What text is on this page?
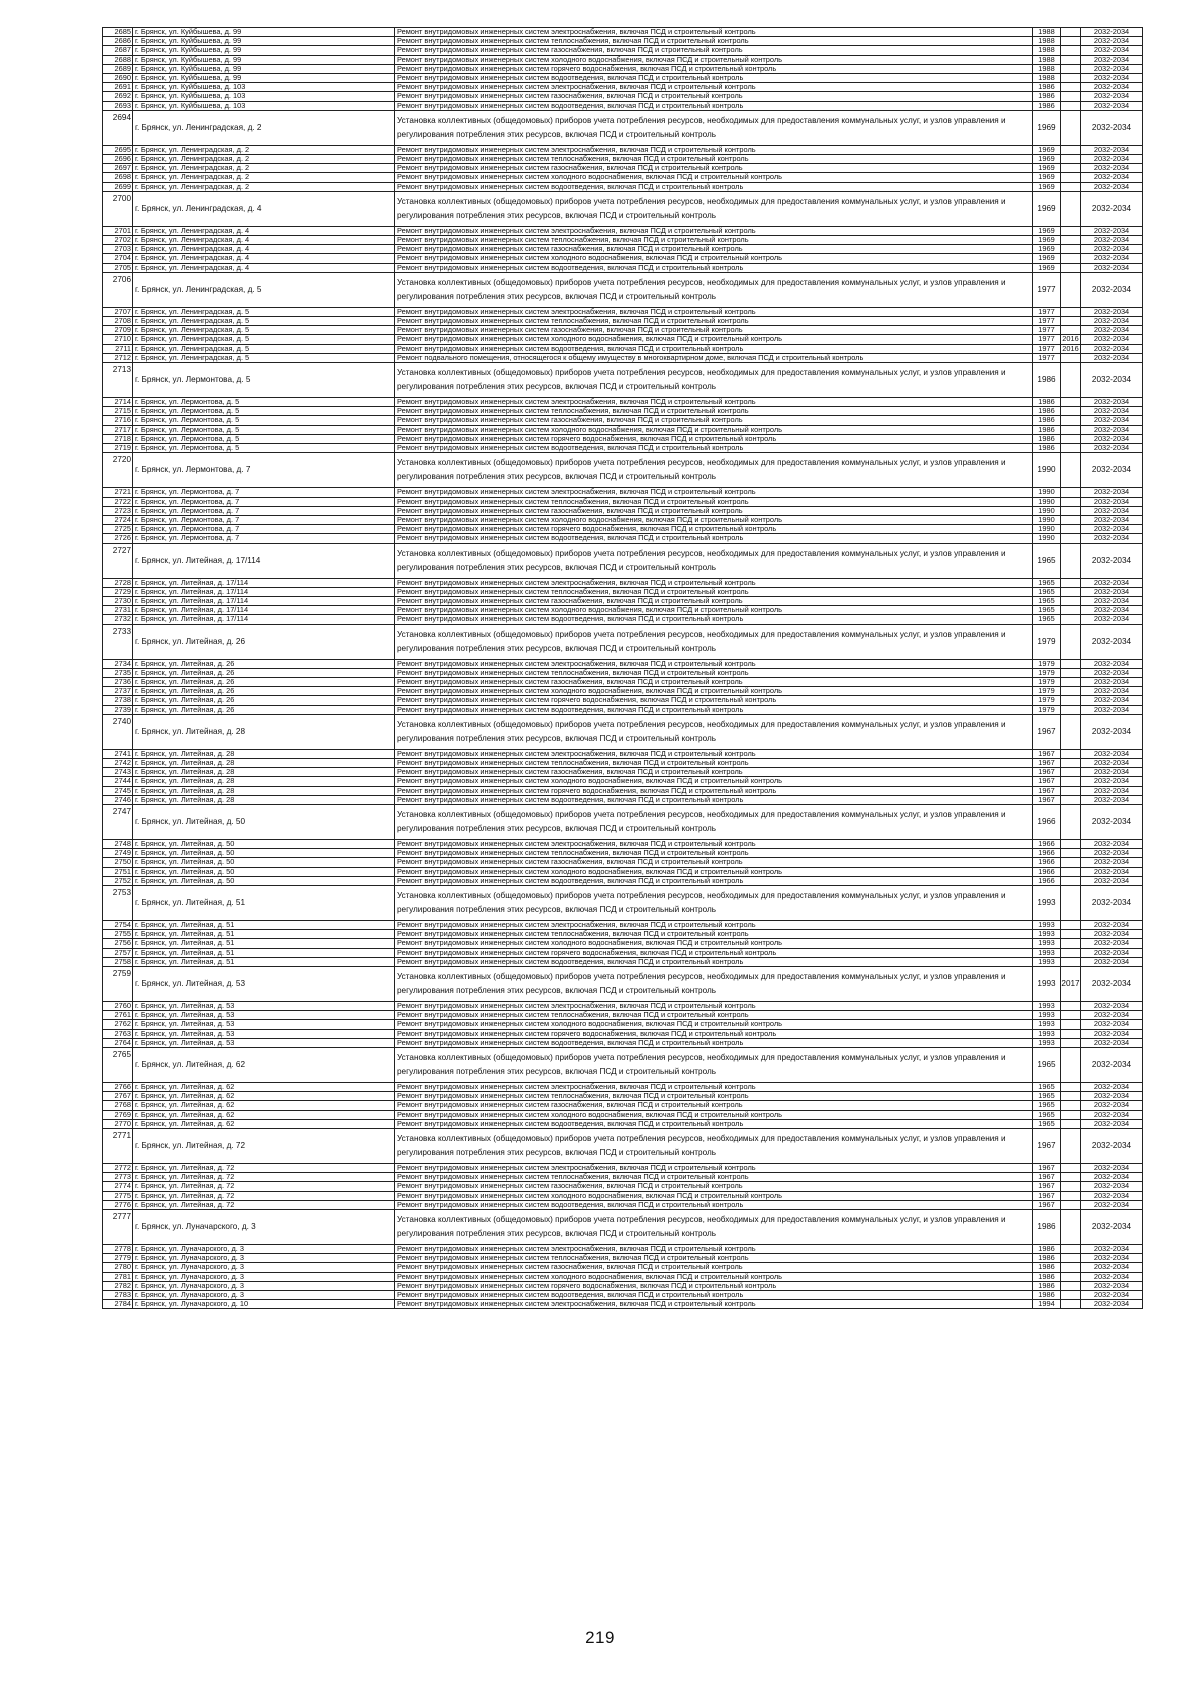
2685	г. Брянск, ул. Куйбышева, д. 99	Ремонт внутридомовых инженерных систем электроснабжения, включая ПСД и строительный контроль	1988		2032-2034
2686	г. Брянск, ул. Куйбышева, д. 99	Ремонт внутридомовых инженерных систем теплоснабжения, включая ПСД и строительный контроль	1988		2032-2034
2687	г. Брянск, ул. Куйбышева, д. 99	Ремонт внутридомовых инженерных систем газоснабжения, включая ПСД и строительный контроль	1988		2032-2034
2688	г. Брянск, ул. Куйбышева, д. 99	Ремонт внутридомовых инженерных систем холодного водоснабжения, включая ПСД и строительный контроль	1988		2032-2034
2689	г. Брянск, ул. Куйбышева, д. 99	Ремонт внутридомовых инженерных систем горячего водоснабжения, включая ПСД и строительный контроль	1988		2032-2034
2690	г. Брянск, ул. Куйбышева, д. 99	Ремонт внутридомовых инженерных систем водоотведения, включая ПСД и строительный контроль	1988		2032-2034
2691	г. Брянск, ул. Куйбышева, д. 103	Ремонт внутридомовых инженерных систем электроснабжения, включая ПСД и строительный контроль	1986		2032-2034
2692	г. Брянск, ул. Куйбышева, д. 103	Ремонт внутридомовых инженерных систем газоснабжения, включая ПСД и строительный контроль	1986		2032-2034
2693	г. Брянск, ул. Куйбышева, д. 103	Ремонт внутридомовых инженерных систем водоотведения, включая ПСД и строительный контроль	1986		2032-2034
2694	г. Брянск, ул. Ленинградская, д. 2	Установка коллективных (общедомовых) приборов учета потребления ресурсов, необходимых для предоставления коммунальных услуг, и узлов управления и регулирования потребления этих ресурсов, включая ПСД и строительный контроль	1969		2032-2034
2695	г. Брянск, ул. Ленинградская, д. 2	Ремонт внутридомовых инженерных систем электроснабжения, включая ПСД и строительный контроль	1969		2032-2034
2696	г. Брянск, ул. Ленинградская, д. 2	Ремонт внутридомовых инженерных систем теплоснабжения, включая ПСД и строительный контроль	1969		2032-2034
2697	г. Брянск, ул. Ленинградская, д. 2	Ремонт внутридомовых инженерных систем газоснабжения, включая ПСД и строительный контроль	1969		2032-2034
2698	г. Брянск, ул. Ленинградская, д. 2	Ремонт внутридомовых инженерных систем холодного водоснабжения, включая ПСД и строительный контроль	1969		2032-2034
2699	г. Брянск, ул. Ленинградская, д. 2	Ремонт внутридомовых инженерных систем водоотведения, включая ПСД и строительный контроль	1969		2032-2034
2700	г. Брянск, ул. Ленинградская, д. 4	Установка коллективных (общедомовых) приборов учета потребления ресурсов, необходимых для предоставления коммунальных услуг, и узлов управления и регулирования потребления этих ресурсов, включая ПСД и строительный контроль	1969		2032-2034
2701	г. Брянск, ул. Ленинградская, д. 4	Ремонт внутридомовых инженерных систем электроснабжения, включая ПСД и строительный контроль	1969		2032-2034
2702	г. Брянск, ул. Ленинградская, д. 4	Ремонт внутридомовых инженерных систем теплоснабжения, включая ПСД и строительный контроль	1969		2032-2034
2703	г. Брянск, ул. Ленинградская, д. 4	Ремонт внутридомовых инженерных систем газоснабжения, включая ПСД и строительный контроль	1969		2032-2034
2704	г. Брянск, ул. Ленинградская, д. 4	Ремонт внутридомовых инженерных систем холодного водоснабжения, включая ПСД и строительный контроль	1969		2032-2034
2705	г. Брянск, ул. Ленинградская, д. 4	Ремонт внутридомовых инженерных систем водоотведения, включая ПСД и строительный контроль	1969		2032-2034
2706	г. Брянск, ул. Ленинградская, д. 5	Установка коллективных (общедомовых) приборов учета потребления ресурсов, необходимых для предоставления коммунальных услуг, и узлов управления и регулирования потребления этих ресурсов, включая ПСД и строительный контроль	1977		2032-2034
2707	г. Брянск, ул. Ленинградская, д. 5	Ремонт внутридомовых инженерных систем электроснабжения, включая ПСД и строительный контроль	1977		2032-2034
2708	г. Брянск, ул. Ленинградская, д. 5	Ремонт внутридомовых инженерных систем теплоснабжения, включая ПСД и строительный контроль	1977		2032-2034
2709	г. Брянск, ул. Ленинградская, д. 5	Ремонт внутридомовых инженерных систем газоснабжения, включая ПСД и строительный контроль	1977		2032-2034
2710	г. Брянск, ул. Ленинградская, д. 5	Ремонт внутридомовых инженерных систем холодного водоснабжения, включая ПСД и строительный контроль	1977	2016	2032-2034
2711	г. Брянск, ул. Ленинградская, д. 5	Ремонт внутридомовых инженерных систем водоотведения, включая ПСД и строительный контроль	1977	2016	2032-2034
2712	г. Брянск, ул. Ленинградская, д. 5	Ремонт подвального помещения, относящегося к общему имуществу в многоквартирном доме, включая ПСД и строительный контроль	1977		2032-2034
2713	г. Брянск, ул. Лермонтова, д. 5	Установка коллективных (общедомовых) приборов учета потребления ресурсов, необходимых для предоставления коммунальных услуг, и узлов управления и регулирования потребления этих ресурсов, включая ПСД и строительный контроль	1986		2032-2034
2714	г. Брянск, ул. Лермонтова, д. 5	Ремонт внутридомовых инженерных систем электроснабжения, включая ПСД и строительный контроль	1986		2032-2034
2715	г. Брянск, ул. Лермонтова, д. 5	Ремонт внутридомовых инженерных систем теплоснабжения, включая ПСД и строительный контроль	1986		2032-2034
2716	г. Брянск, ул. Лермонтова, д. 5	Ремонт внутридомовых инженерных систем газоснабжения, включая ПСД и строительный контроль	1986		2032-2034
2717	г. Брянск, ул. Лермонтова, д. 5	Ремонт внутридомовых инженерных систем холодного водоснабжения, включая ПСД и строительный контроль	1986		2032-2034
2718	г. Брянск, ул. Лермонтова, д. 5	Ремонт внутридомовых инженерных систем горячего водоснабжения, включая ПСД и строительный контроль	1986		2032-2034
2719	г. Брянск, ул. Лермонтова, д. 5	Ремонт внутридомовых инженерных систем водоотведения, включая ПСД и строительный контроль	1986		2032-2034
2720	г. Брянск, ул. Лермонтова, д. 7	Установка коллективных (общедомовых) приборов учета потребления ресурсов, необходимых для предоставления коммунальных услуг, и узлов управления и регулирования потребления этих ресурсов, включая ПСД и строительный контроль	1990		2032-2034
2721	г. Брянск, ул. Лермонтова, д. 7	Ремонт внутридомовых инженерных систем электроснабжения, включая ПСД и строительный контроль	1990		2032-2034
2722	г. Брянск, ул. Лермонтова, д. 7	Ремонт внутридомовых инженерных систем теплоснабжения, включая ПСД и строительный контроль	1990		2032-2034
2723	г. Брянск, ул. Лермонтова, д. 7	Ремонт внутридомовых инженерных систем газоснабжения, включая ПСД и строительный контроль	1990		2032-2034
2724	г. Брянск, ул. Лермонтова, д. 7	Ремонт внутридомовых инженерных систем холодного водоснабжения, включая ПСД и строительный контроль	1990		2032-2034
2725	г. Брянск, ул. Лермонтова, д. 7	Ремонт внутридомовых инженерных систем горячего водоснабжения, включая ПСД и строительный контроль	1990		2032-2034
2726	г. Брянск, ул. Лермонтова, д. 7	Ремонт внутридомовых инженерных систем водоотведения, включая ПСД и строительный контроль	1990		2032-2034
2727	г. Брянск, ул. Литейная, д. 17/114	Установка коллективных (общедомовых) приборов учета потребления ресурсов, необходимых для предоставления коммунальных услуг, и узлов управления и регулирования потребления этих ресурсов, включая ПСД и строительный контроль	1965		2032-2034
2728	г. Брянск, ул. Литейная, д. 17/114	Ремонт внутридомовых инженерных систем электроснабжения, включая ПСД и строительный контроль	1965		2032-2034
2729	г. Брянск, ул. Литейная, д. 17/114	Ремонт внутридомовых инженерных систем теплоснабжения, включая ПСД и строительный контроль	1965		2032-2034
2730	г. Брянск, ул. Литейная, д. 17/114	Ремонт внутридомовых инженерных систем газоснабжения, включая ПСД и строительный контроль	1965		2032-2034
2731	г. Брянск, ул. Литейная, д. 17/114	Ремонт внутридомовых инженерных систем холодного водоснабжения, включая ПСД и строительный контроль	1965		2032-2034
2732	г. Брянск, ул. Литейная, д. 17/114	Ремонт внутридомовых инженерных систем водоотведения, включая ПСД и строительный контроль	1965		2032-2034
2733	г. Брянск, ул. Литейная, д. 26	Установка коллективных (общедомовых) приборов учета потребления ресурсов, необходимых для предоставления коммунальных услуг, и узлов управления и регулирования потребления этих ресурсов, включая ПСД и строительный контроль	1979		2032-2034
2734	г. Брянск, ул. Литейная, д. 26	Ремонт внутридомовых инженерных систем электроснабжения, включая ПСД и строительный контроль	1979		2032-2034
2735	г. Брянск, ул. Литейная, д. 26	Ремонт внутридомовых инженерных систем теплоснабжения, включая ПСД и строительный контроль	1979		2032-2034
2736	г. Брянск, ул. Литейная, д. 26	Ремонт внутридомовых инженерных систем газоснабжения, включая ПСД и строительный контроль	1979		2032-2034
2737	г. Брянск, ул. Литейная, д. 26	Ремонт внутридомовых инженерных систем холодного водоснабжения, включая ПСД и строительный контроль	1979		2032-2034
2738	г. Брянск, ул. Литейная, д. 26	Ремонт внутридомовых инженерных систем горячего водоснабжения, включая ПСД и строительный контроль	1979		2032-2034
2739	г. Брянск, ул. Литейная, д. 26	Ремонт внутридомовых инженерных систем водоотведения, включая ПСД и строительный контроль	1979		2032-2034
2740	г. Брянск, ул. Литейная, д. 28	Установка коллективных (общедомовых) приборов учета потребления ресурсов, необходимых для предоставления коммунальных услуг, и узлов управления и регулирования потребления этих ресурсов, включая ПСД и строительный контроль	1967		2032-2034
2741	г. Брянск, ул. Литейная, д. 28	Ремонт внутридомовых инженерных систем электроснабжения, включая ПСД и строительный контроль	1967		2032-2034
2742	г. Брянск, ул. Литейная, д. 28	Ремонт внутридомовых инженерных систем теплоснабжения, включая ПСД и строительный контроль	1967		2032-2034
2743	г. Брянск, ул. Литейная, д. 28	Ремонт внутридомовых инженерных систем газоснабжения, включая ПСД и строительный контроль	1967		2032-2034
2744	г. Брянск, ул. Литейная, д. 28	Ремонт внутридомовых инженерных систем холодного водоснабжения, включая ПСД и строительный контроль	1967		2032-2034
2745	г. Брянск, ул. Литейная, д. 28	Ремонт внутридомовых инженерных систем горячего водоснабжения, включая ПСД и строительный контроль	1967		2032-2034
2746	г. Брянск, ул. Литейная, д. 28	Ремонт внутридомовых инженерных систем водоотведения, включая ПСД и строительный контроль	1967		2032-2034
2747	г. Брянск, ул. Литейная, д. 50	Установка коллективных (общедомовых) приборов учета потребления ресурсов, необходимых для предоставления коммунальных услуг, и узлов управления и регулирования потребления этих ресурсов, включая ПСД и строительный контроль	1966		2032-2034
2748	г. Брянск, ул. Литейная, д. 50	Ремонт внутридомовых инженерных систем электроснабжения, включая ПСД и строительный контроль	1966		2032-2034
2749	г. Брянск, ул. Литейная, д. 50	Ремонт внутридомовых инженерных систем теплоснабжения, включая ПСД и строительный контроль	1966		2032-2034
2750	г. Брянск, ул. Литейная, д. 50	Ремонт внутридомовых инженерных систем газоснабжения, включая ПСД и строительный контроль	1966		2032-2034
2751	г. Брянск, ул. Литейная, д. 50	Ремонт внутридомовых инженерных систем холодного водоснабжения, включая ПСД и строительный контроль	1966		2032-2034
2752	г. Брянск, ул. Литейная, д. 50	Ремонт внутридомовых инженерных систем водоотведения, включая ПСД и строительный контроль	1966		2032-2034
2753	г. Брянск, ул. Литейная, д. 51	Установка коллективных (общедомовых) приборов учета потребления ресурсов, необходимых для предоставления коммунальных услуг, и узлов управления и регулирования потребления этих ресурсов, включая ПСД и строительный контроль	1993		2032-2034
2754	г. Брянск, ул. Литейная, д. 51	Ремонт внутридомовых инженерных систем электроснабжения, включая ПСД и строительный контроль	1993		2032-2034
2755	г. Брянск, ул. Литейная, д. 51	Ремонт внутридомовых инженерных систем теплоснабжения, включая ПСД и строительный контроль	1993		2032-2034
2756	г. Брянск, ул. Литейная, д. 51	Ремонт внутридомовых инженерных систем холодного водоснабжения, включая ПСД и строительный контроль	1993		2032-2034
2757	г. Брянск, ул. Литейная, д. 51	Ремонт внутридомовых инженерных систем горячего водоснабжения, включая ПСД и строительный контроль	1993		2032-2034
2758	г. Брянск, ул. Литейная, д. 51	Ремонт внутридомовых инженерных систем водоотведения, включая ПСД и строительный контроль	1993		2032-2034
2759	г. Брянск, ул. Литейная, д. 53	Установка коллективных (общедомовых) приборов учета потребления ресурсов, необходимых для предоставления коммунальных услуг, и узлов управления и регулирования потребления этих ресурсов, включая ПСД и строительный контроль	1993	2017	2032-2034
2760	г. Брянск, ул. Литейная, д. 53	Ремонт внутридомовых инженерных систем электроснабжения, включая ПСД и строительный контроль	1993		2032-2034
2761	г. Брянск, ул. Литейная, д. 53	Ремонт внутридомовых инженерных систем теплоснабжения, включая ПСД и строительный контроль	1993		2032-2034
2762	г. Брянск, ул. Литейная, д. 53	Ремонт внутридомовых инженерных систем холодного водоснабжения, включая ПСД и строительный контроль	1993		2032-2034
2763	г. Брянск, ул. Литейная, д. 53	Ремонт внутридомовых инженерных систем горячего водоснабжения, включая ПСД и строительный контроль	1993		2032-2034
2764	г. Брянск, ул. Литейная, д. 53	Ремонт внутридомовых инженерных систем водоотведения, включая ПСД и строительный контроль	1993		2032-2034
2765	г. Брянск, ул. Литейная, д. 62	Установка коллективных (общедомовых) приборов учета потребления ресурсов, необходимых для предоставления коммунальных услуг, и узлов управления и регулирования потребления этих ресурсов, включая ПСД и строительный контроль	1965		2032-2034
2766	г. Брянск, ул. Литейная, д. 62	Ремонт внутридомовых инженерных систем электроснабжения, включая ПСД и строительный контроль	1965		2032-2034
2767	г. Брянск, ул. Литейная, д. 62	Ремонт внутридомовых инженерных систем теплоснабжения, включая ПСД и строительный контроль	1965		2032-2034
2768	г. Брянск, ул. Литейная, д. 62	Ремонт внутридомовых инженерных систем газоснабжения, включая ПСД и строительный контроль	1965		2032-2034
2769	г. Брянск, ул. Литейная, д. 62	Ремонт внутридомовых инженерных систем холодного водоснабжения, включая ПСД и строительный контроль	1965		2032-2034
2770	г. Брянск, ул. Литейная, д. 62	Ремонт внутридомовых инженерных систем водоотведения, включая ПСД и строительный контроль	1965		2032-2034
2771	г. Брянск, ул. Литейная, д. 72	Установка коллективных (общедомовых) приборов учета потребления ресурсов, необходимых для предоставления коммунальных услуг, и узлов управления и регулирования потребления этих ресурсов, включая ПСД и строительный контроль	1967		2032-2034
2772	г. Брянск, ул. Литейная, д. 72	Ремонт внутридомовых инженерных систем электроснабжения, включая ПСД и строительный контроль	1967		2032-2034
2773	г. Брянск, ул. Литейная, д. 72	Ремонт внутридомовых инженерных систем теплоснабжения, включая ПСД и строительный контроль	1967		2032-2034
2774	г. Брянск, ул. Литейная, д. 72	Ремонт внутридомовых инженерных систем газоснабжения, включая ПСД и строительный контроль	1967		2032-2034
2775	г. Брянск, ул. Литейная, д. 72	Ремонт внутридомовых инженерных систем холодного водоснабжения, включая ПСД и строительный контроль	1967		2032-2034
2776	г. Брянск, ул. Литейная, д. 72	Ремонт внутридомовых инженерных систем водоотведения, включая ПСД и строительный контроль	1967		2032-2034
2777	г. Брянск, ул. Луначарского, д. 3	Установка коллективных (общедомовых) приборов учета потребления ресурсов, необходимых для предоставления коммунальных услуг, и узлов управления и регулирования потребления этих ресурсов, включая ПСД и строительный контроль	1986		2032-2034
2778	г. Брянск, ул. Луначарского, д. 3	Ремонт внутридомовых инженерных систем электроснабжения, включая ПСД и строительный контроль	1986		2032-2034
2779	г. Брянск, ул. Луначарского, д. 3	Ремонт внутридомовых инженерных систем теплоснабжения, включая ПСД и строительный контроль	1986		2032-2034
2780	г. Брянск, ул. Луначарского, д. 3	Ремонт внутридомовых инженерных систем газоснабжения, включая ПСД и строительный контроль	1986		2032-2034
2781	г. Брянск, ул. Луначарского, д. 3	Ремонт внутридомовых инженерных систем холодного водоснабжения, включая ПСД и строительный контроль	1986		2032-2034
2782	г. Брянск, ул. Луначарского, д. 3	Ремонт внутридомовых инженерных систем горячего водоснабжения, включая ПСД и строительный контроль	1986		2032-2034
2783	г. Брянск, ул. Луначарского, д. 3	Ремонт внутридомовых инженерных систем водоотведения, включая ПСД и строительный контроль	1986		2032-2034
2784	г. Брянск, ул. Луначарского, д. 10	Ремонт внутридомовых инженерных систем электроснабжения, включая ПСД и строительный контроль	1994		2032-2034
219
